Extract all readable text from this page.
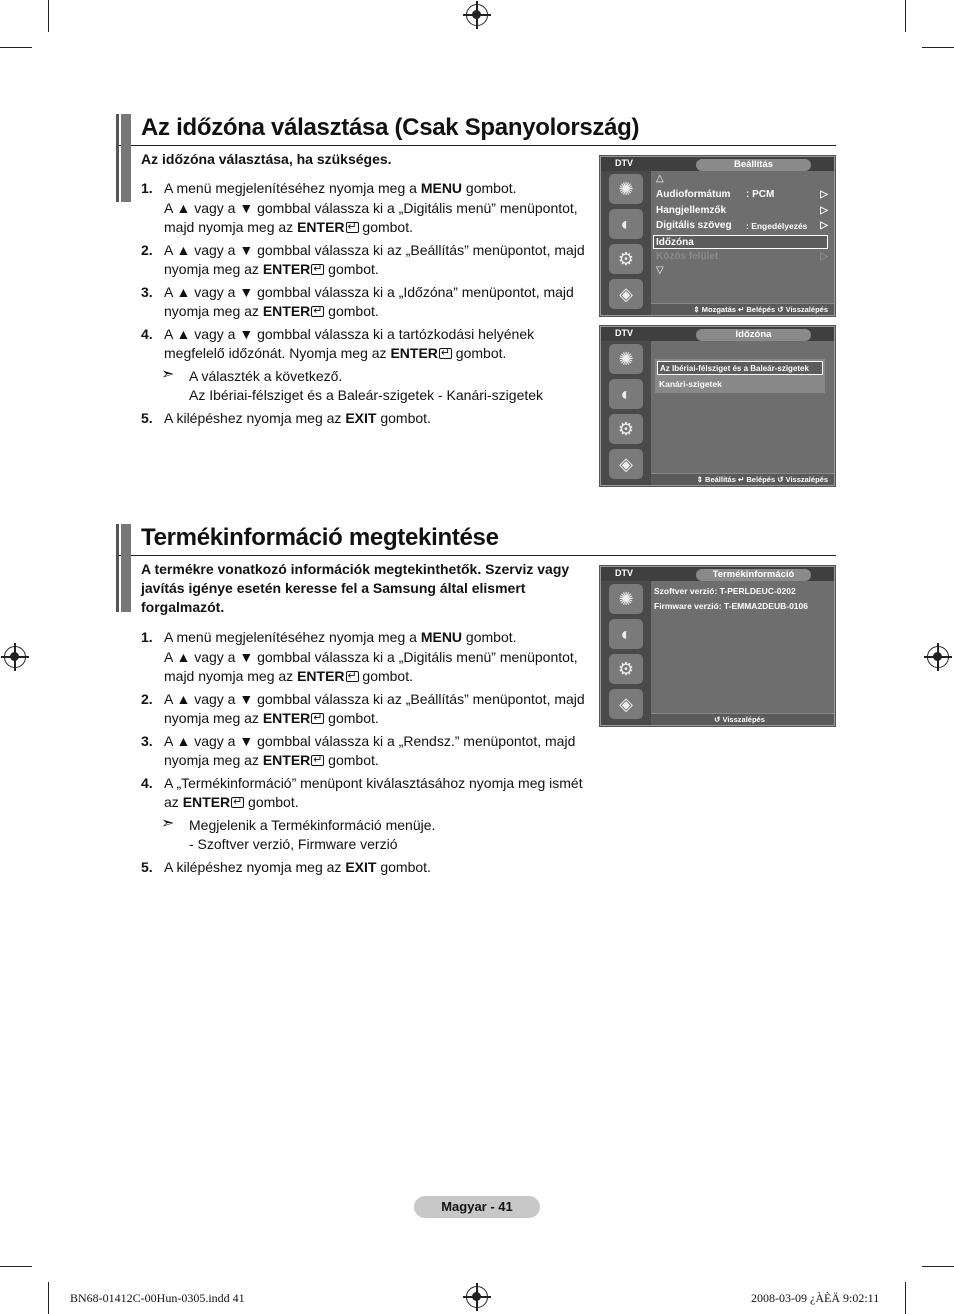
Az időzóna választása (Csak Spanyolország)
Az időzóna választása, ha szükséges.
1. A menü megjelenítéséhez nyomja meg a MENU gombot.
A ▲ vagy a ▼ gombbal válassza ki a „Digitális menü” menüpontot, majd nyomja meg az ENTER↵ gombot.
2. A ▲ vagy a ▼ gombbal válassza ki az „Beállítás” menüpontot, majd nyomja meg az ENTER↵ gombot.
3. A ▲ vagy a ▼ gombbal válassza ki a „Időzóna” menüpontot, majd nyomja meg az ENTER↵ gombot.
4. A ▲ vagy a ▼ gombbal válassza ki a tartózkodási helyének megfelelő időzónát. Nyomja meg az ENTER↵ gombot.
➣ A választék a következő.
Az Ibériai-félsziget és a Baleár-szigetek - Kanári-szigetek
5. A kilépéshez nyomja meg az EXIT gombot.
DTV	Beállítás
✺
◐
⚙
◈
△
Audioformátum : PCM	▷
Hangjellemzők	▷
Digitális szöveg : Engedélyezés ▷
Időzóna
Közös felület	▷
▽
⇕ Mozgatás ↵ Belépés ↺ Visszalépés
DTV	Időzóna
✺
◐
⚙
◈
Az Ibériai-félsziget és a Baleár-szigetek
Kanári-szigetek
⇕ Beállítás ↵ Belépés ↺ Visszalépés
Termékinformáció megtekintése
A termékre vonatkozó információk megtekinthetők. Szerviz vagy javítás igénye esetén keresse fel a Samsung által elismert forgalmazót.
1. A menü megjelenítéséhez nyomja meg a MENU gombot.
A ▲ vagy a ▼ gombbal válassza ki a „Digitális menü” menüpontot, majd nyomja meg az ENTER↵ gombot.
2. A ▲ vagy a ▼ gombbal válassza ki az „Beállítás” menüpontot, majd nyomja meg az ENTER↵ gombot.
3. A ▲ vagy a ▼ gombbal válassza ki a „Rendsz.” menüpontot, majd nyomja meg az ENTER↵ gombot.
4. A „Termékinformáció” menüpont kiválasztásához nyomja meg ismét az ENTER↵ gombot.
➣ Megjelenik a Termékinformáció menüje.
- Szoftver verzió, Firmware verzió
5. A kilépéshez nyomja meg az EXIT gombot.
DTV	Termékinformáció
✺
◐
⚙
◈
Szoftver verzió: T-PERLDEUC-0202
Firmware verzió: T-EMMA2DEUB-0106
↺ Visszalépés
Magyar - 41
BN68-01412C-00Hun-0305.indd 41	2008-03-09 ¿ÀÈÄ 9:02:11
